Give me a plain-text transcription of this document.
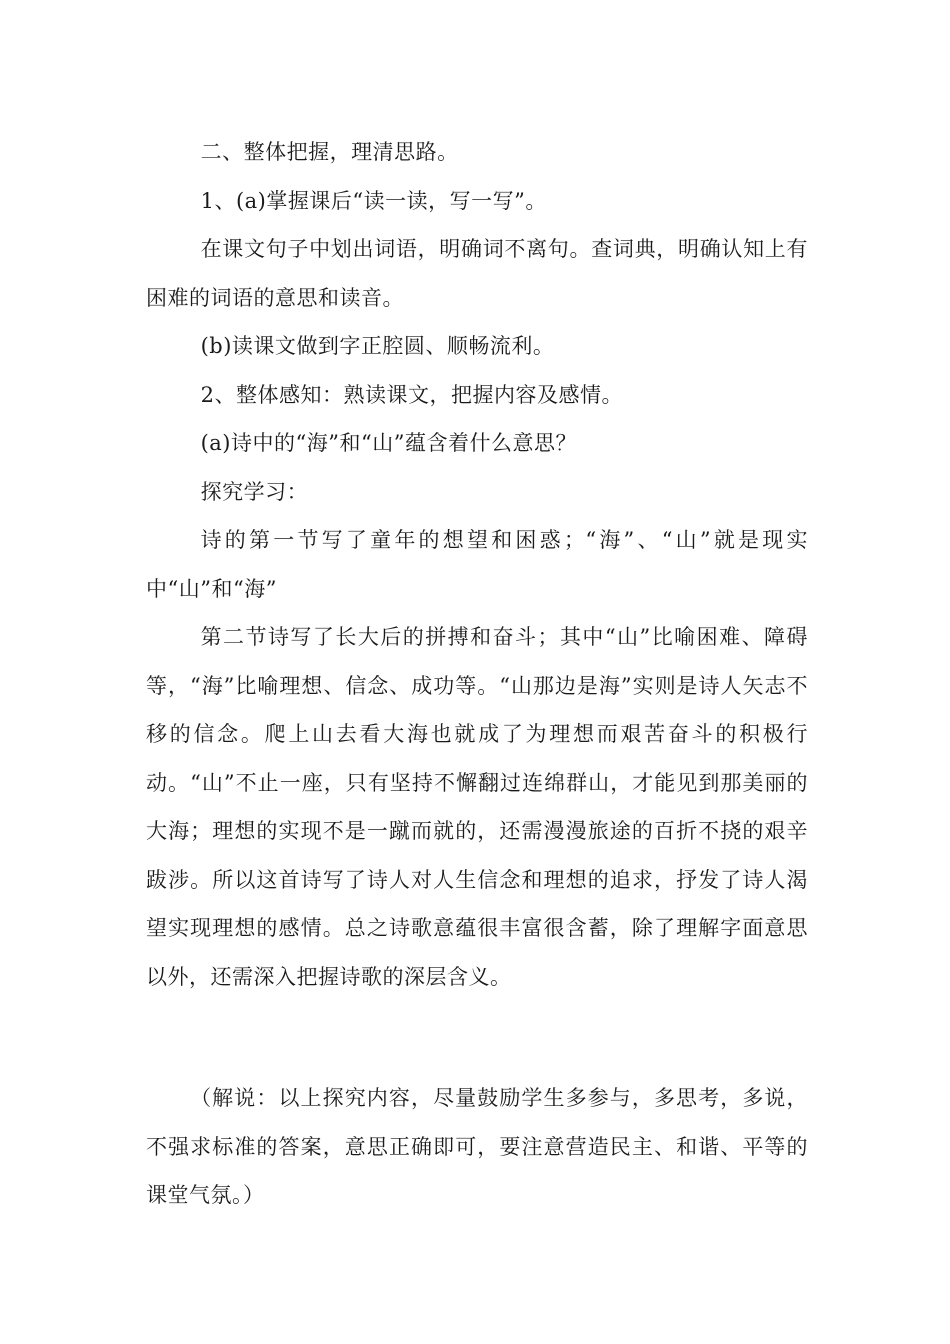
二、整体把握，理清思路。

1、(a)掌握课后“读一读，写一写”。

在课文句子中划出词语，明确词不离句。查词典，明确认知上有困难的词语的意思和读音。

(b)读课文做到字正腔圆、顺畅流利。

2、整体感知：熟读课文，把握内容及感情。

(a)诗中的“海”和“山”蕴含着什么意思？

探究学习：

诗的第一节写了童年的想望和困惑；“海”、“山”就是现实中“山”和“海”

第二节诗写了长大后的拼搏和奋斗；其中“山”比喻困难、障碍等，“海”比喻理想、信念、成功等。“山那边是海”实则是诗人矢志不移的信念。爬上山去看大海也就成了为理想而艰苦奋斗的积极行动。“山”不止一座，只有坚持不懈翻过连绵群山，才能见到那美丽的大海；理想的实现不是一蹴而就的，还需漫漫旅途的百折不挠的艰辛跋涉。所以这首诗写了诗人对人生信念和理想的追求，抒发了诗人渴望实现理想的感情。总之诗歌意蕴很丰富很含蓄，除了理解字面意思以外，还需深入把握诗歌的深层含义。

（解说：以上探究内容，尽量鼓励学生多参与，多思考，多说，不强求标准的答案，意思正确即可，要注意营造民主、和谐、平等的课堂气氛。）
